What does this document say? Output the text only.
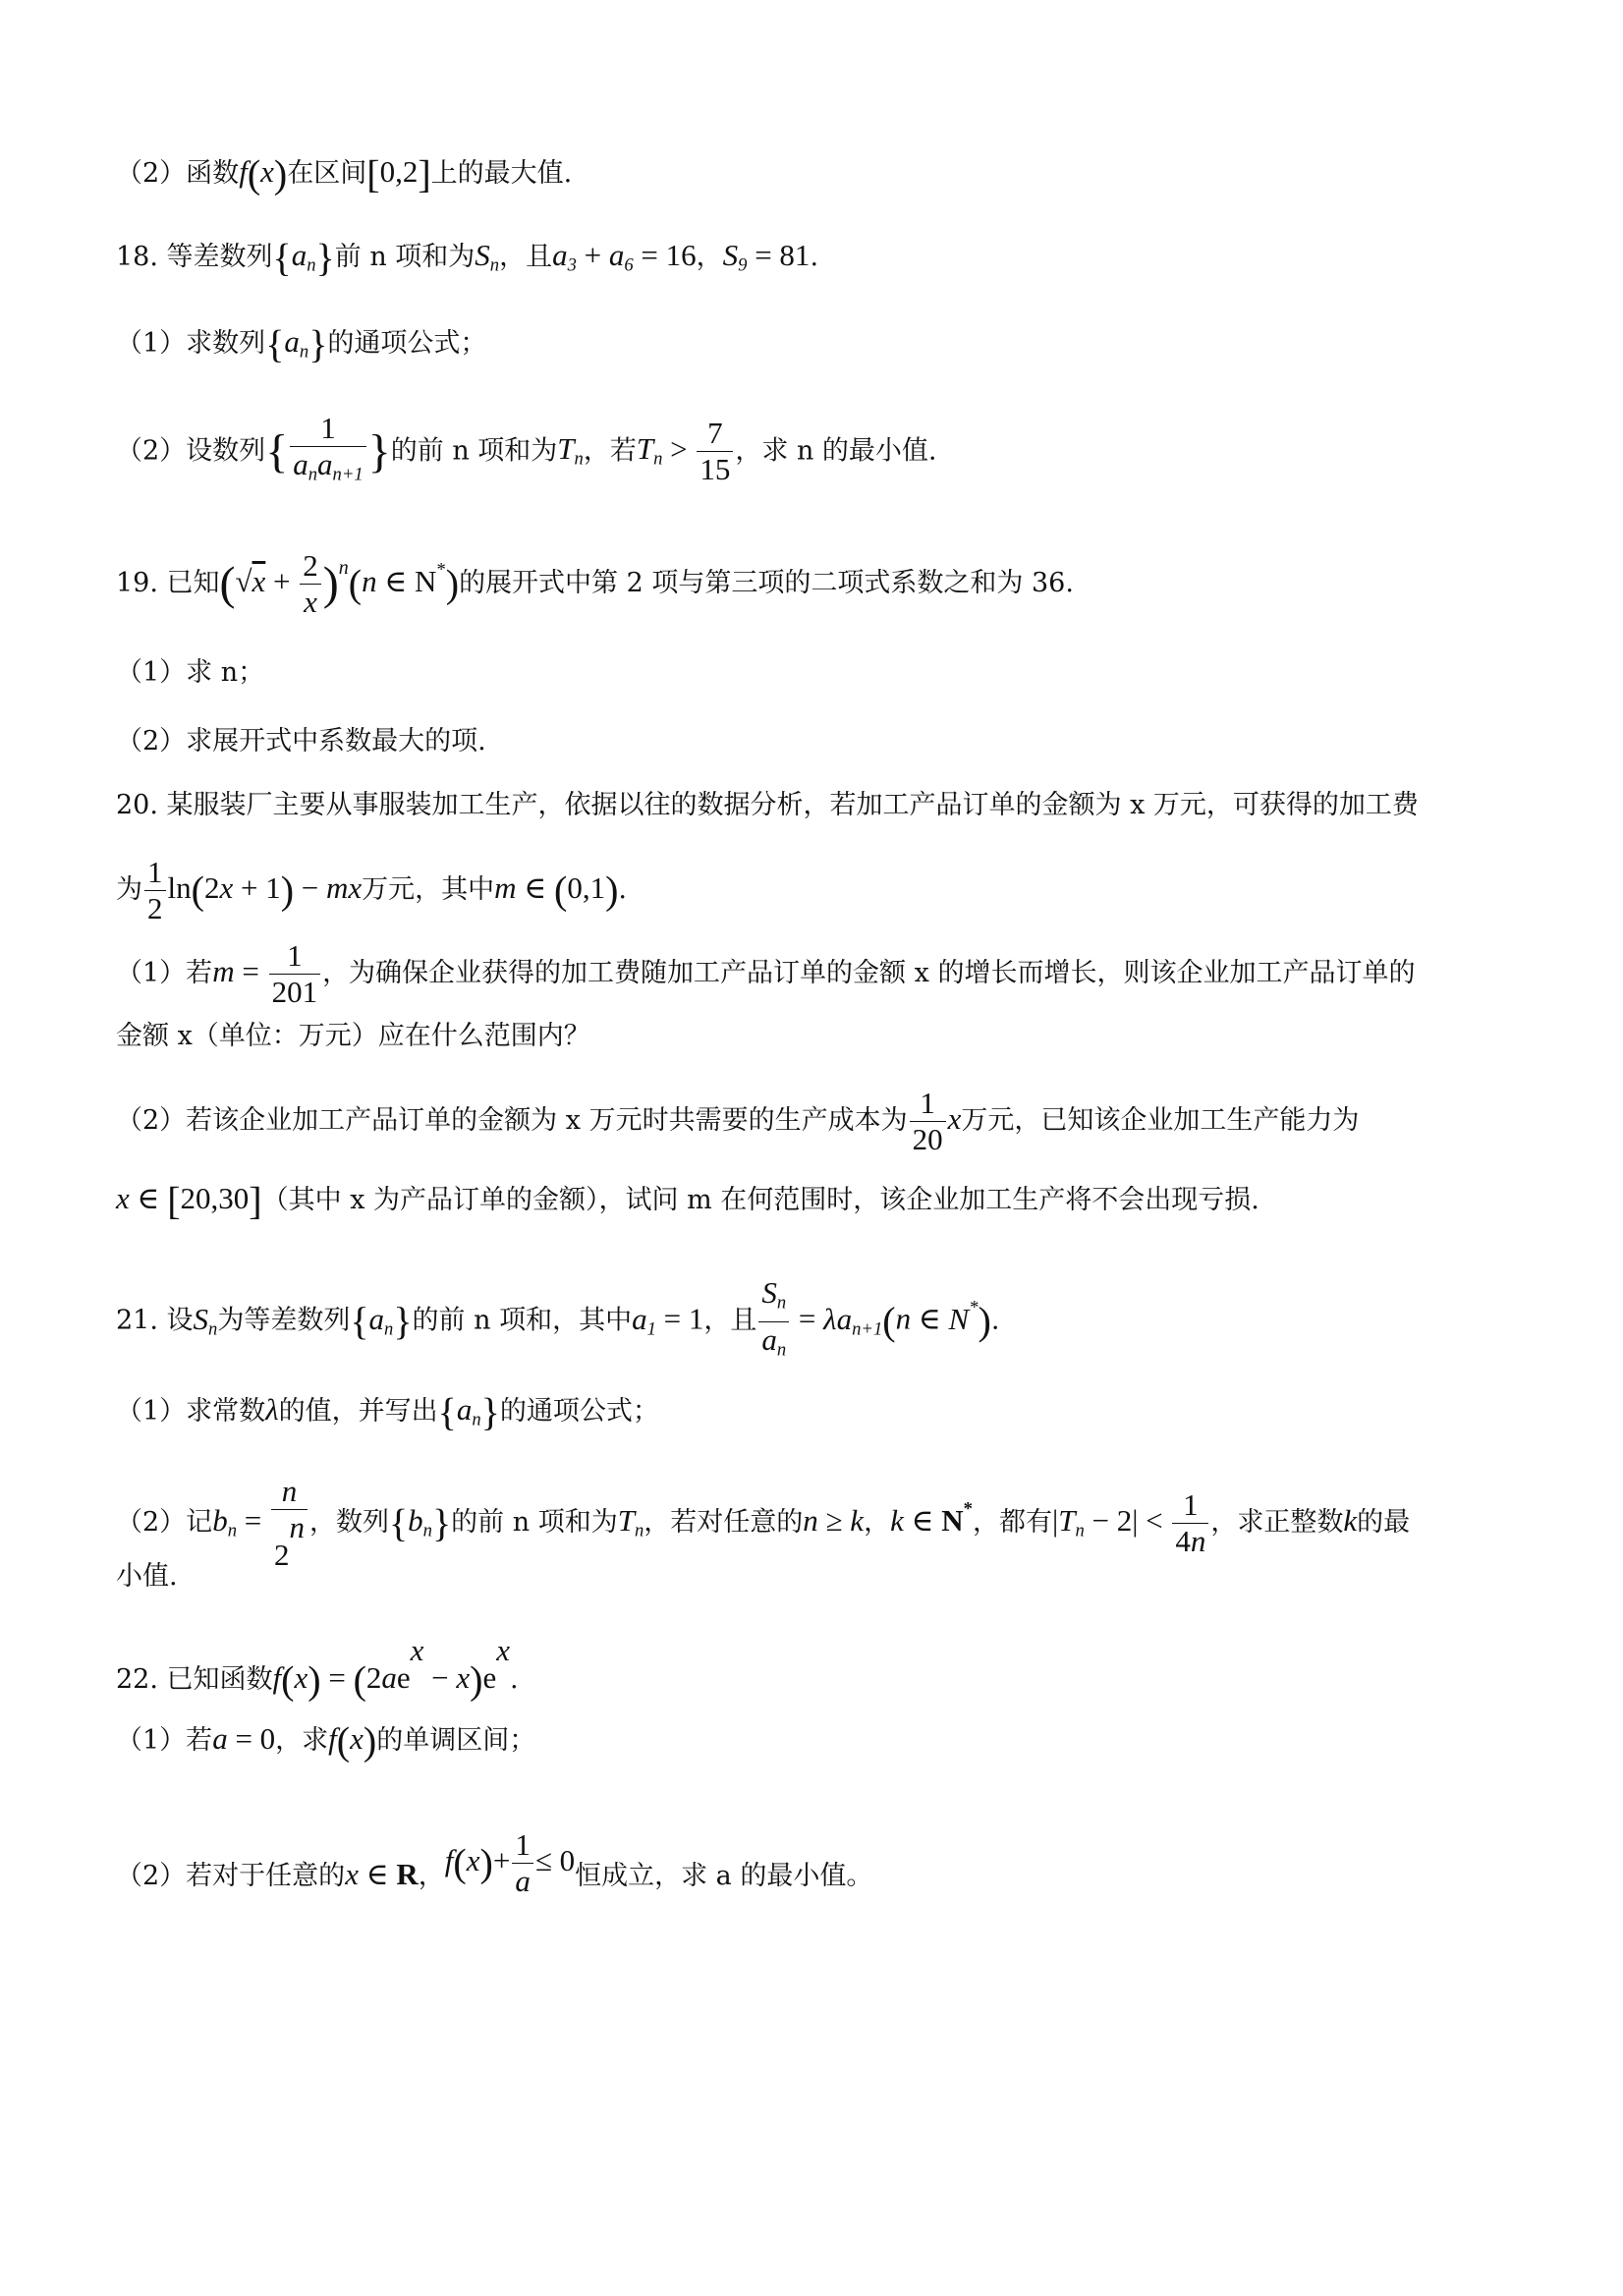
（2）函数f(x)在区间[0,2]上的最大值.
18. 等差数列$\{a_n\}$前 n 项和为$S_n$，且$a_3 + a_6 = 16$，$S_9 = 81$.
（1）求数列$\{a_n\}$的通项公式；
（2）设数列{ $\frac{1}{a_na_{n+1}}$ }的前 n 项和为$T_n$，若$T_n > \frac{7}{15}$ ，求 n 的最小值.
19. 已知$(√x + \frac{2}{x} )^n(n$ ∈ N*)的展开式中第 2 项与第三项的二项式系数之和为 36.
（1）求 n；
（2）求展开式中系数最大的项.
20. 某服装厂主要从事服装加工生产，依据以往的数据分析，若加工产品订单的金额为 x 万元，可获得的加工费
为 $\frac{1}{2} \ln(2x + 1)$ − mx万元，其中m ∈ (0,1).
（1）若$m = \frac{1}{201}$ ，为确保企业获得的加工费随加工产品订单的金额 x 的增长而增长，则该企业加工产品订单的
金额 x（单位：万元）应在什么范围内？
（2）若该企业加工产品订单的金额为 x 万元时共需要的生产成本为 $\frac{1}{20}$ x万元，已知该企业加工生产能力为
x ∈ [20,30]（其中 x 为产品订单的金额），试问 m 在何范围时，该企业加工生产将不会出现亏损.
21. 设$S_n$为等差数列$\{a_n\}$的前 n 项和，其中$a_1 = 1$，且 $\frac{S_n}{a_n} = \lambda a_{n+1}(n$ ∈ N*).
（1）求常数λ的值，并写出$\{a_n\}$的通项公式；
（2）记$b_n = \frac{n}{2^n}$ ，数列$\{b_n\}$的前 n 项和为$T_n$，若对任意的n ≥ k，k ∈ N*，都有$|T_n - 2| < \frac{1}{4n}$ ，求正整数k的最
小值.
22. 已知函数$f(x) = (2ae^x - x)e^x$.
（1）若a = 0，求f(x)的单调区间；
（2）若对于任意的x ∈ R，$f(x)+ \frac{1}{a} \le 0$恒成立，求 a 的最小值。
